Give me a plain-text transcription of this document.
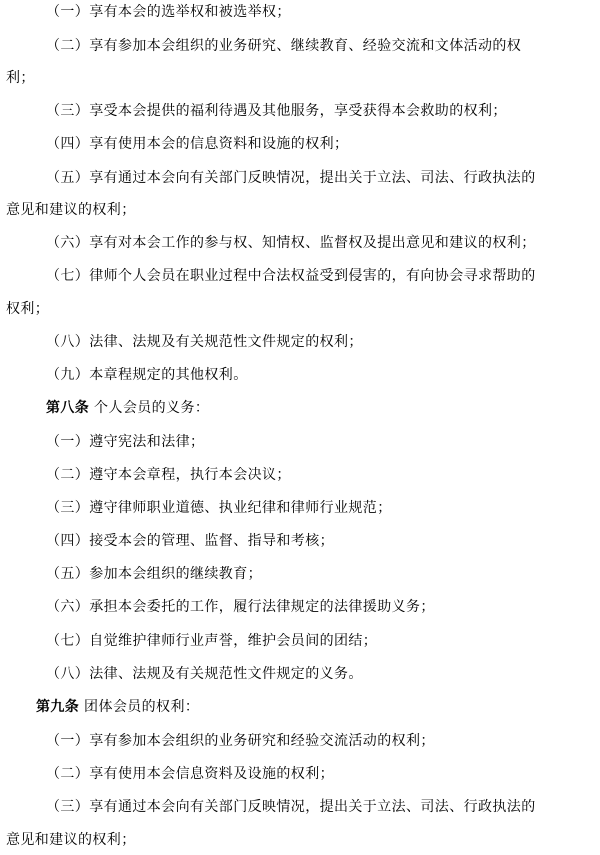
（一）享有本会的选举权和被选举权；
（二）享有参加本会组织的业务研究、继续教育、经验交流和文体活动的权
利；
（三）享受本会提供的福利待遇及其他服务，享受获得本会救助的权利；
（四）享有使用本会的信息资料和设施的权利；
（五）享有通过本会向有关部门反映情况，提出关于立法、司法、行政执法的
意见和建议的权利；
（六）享有对本会工作的参与权、知情权、监督权及提出意见和建议的权利；
（七）律师个人会员在职业过程中合法权益受到侵害的，有向协会寻求帮助的
权利；
（八）法律、法规及有关规范性文件规定的权利；
（九）本章程规定的其他权利。
第八条 个人会员的义务：
（一）遵守宪法和法律；
（二）遵守本会章程，执行本会决议；
（三）遵守律师职业道德、执业纪律和律师行业规范；
（四）接受本会的管理、监督、指导和考核；
（五）参加本会组织的继续教育；
（六）承担本会委托的工作，履行法律规定的法律援助义务；
（七）自觉维护律师行业声誉，维护会员间的团结；
（八）法律、法规及有关规范性文件规定的义务。
第九条 团体会员的权利：
（一）享有参加本会组织的业务研究和经验交流活动的权利；
（二）享有使用本会信息资料及设施的权利；
（三）享有通过本会向有关部门反映情况，提出关于立法、司法、行政执法的
意见和建议的权利；
